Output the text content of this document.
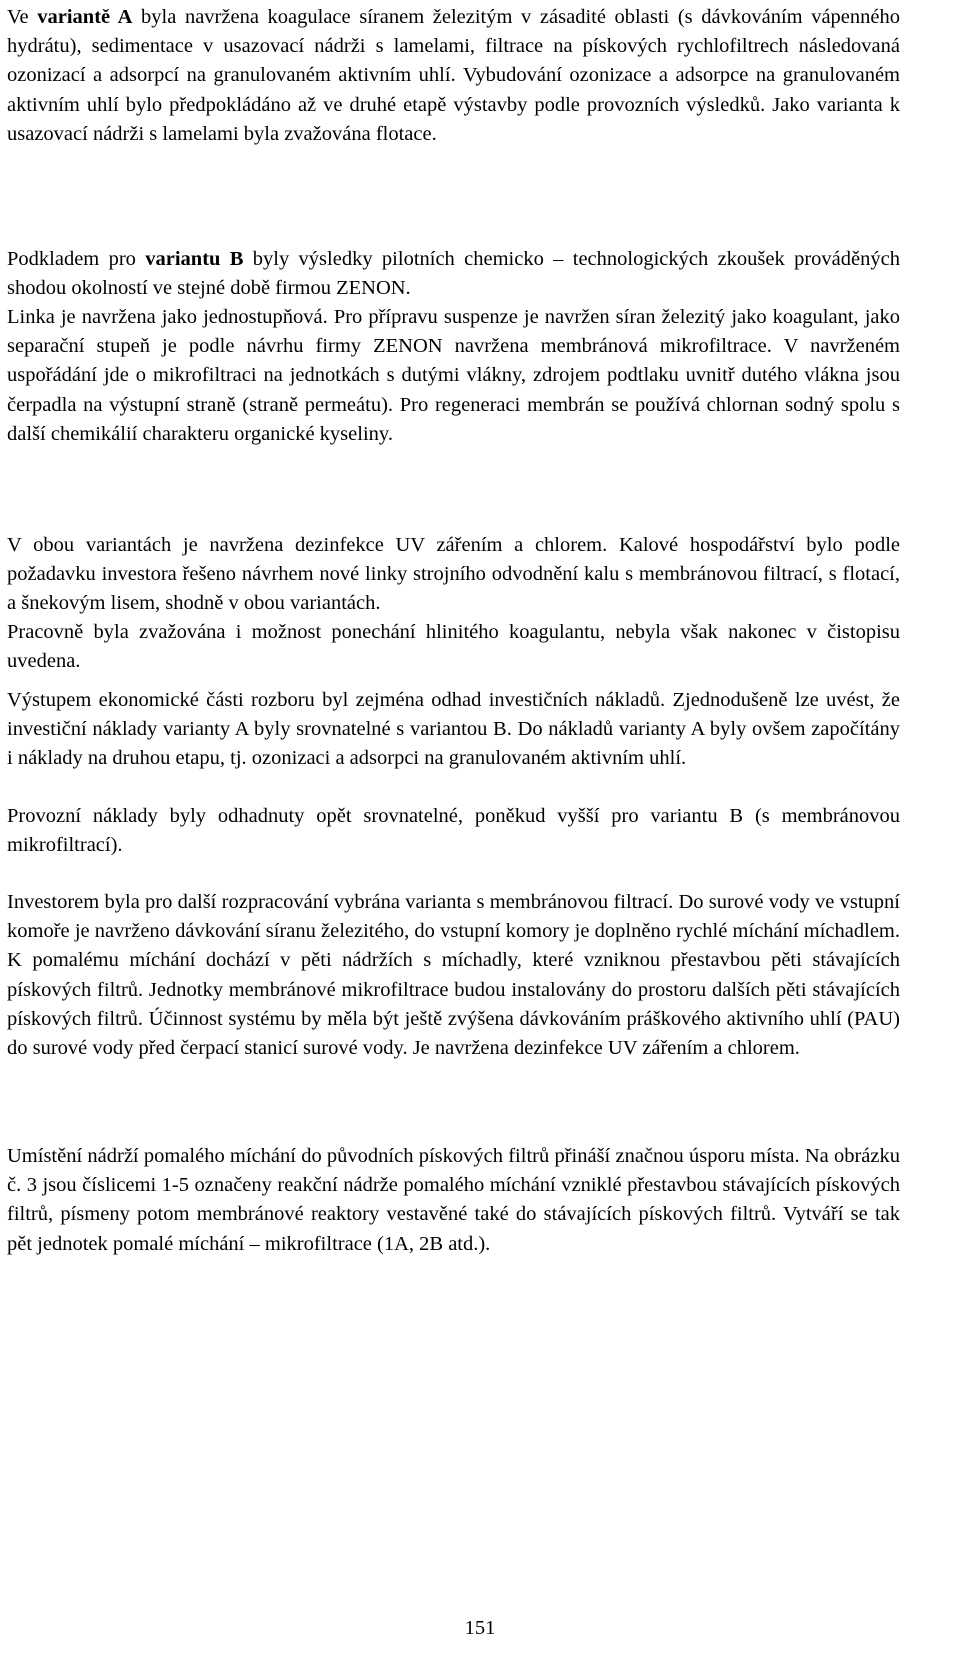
Ve variantě A byla navržena koagulace síranem železitým v zásadité oblasti (s dávkováním vápenného hydrátu), sedimentace v usazovací nádrži s lamelami, filtrace na pískových rychlofiltrech následovaná ozonizací a adsorpcí na granulovaném aktivním uhlí. Vybudování ozonizace a adsorpce na granulovaném aktivním uhlí bylo předpokládáno až ve druhé etapě výstavby podle provozních výsledků. Jako varianta k usazovací nádrži s lamelami byla zvažována flotace.

Podkladem pro variantu B byly výsledky pilotních chemicko – technologických zkoušek prováděných shodou okolností ve stejné době firmou ZENON.

Linka je navržena jako jednostupňová. Pro přípravu suspenze je navržen síran železitý jako koagulant, jako separační stupeň je podle návrhu firmy ZENON navržena membránová mikrofiltrace. V navrženém uspořádání jde o mikrofiltraci na jednotkách s dutými vlákny, zdrojem podtlaku uvnitř dutého vlákna jsou čerpadla na výstupní straně (straně permeátu). Pro regeneraci membrán se používá chlornan sodný spolu s další chemikálií charakteru organické kyseliny.

V obou variantách je navržena dezinfekce UV zářením a chlorem. Kalové hospodářství bylo podle požadavku investora řešeno návrhem nové linky strojního odvodnění kalu s membránovou filtrací, s flotací, a šnekovým lisem, shodně v obou variantách.

Pracovně byla zvažována i možnost ponechání hlinitého koagulantu, nebyla však nakonec v čistopisu uvedena.

Výstupem ekonomické části rozboru byl zejména odhad investičních nákladů. Zjednodušeně lze uvést, že investiční náklady varianty A byly srovnatelné s variantou B. Do nákladů varianty A byly ovšem započítány i náklady na druhou etapu, tj. ozonizaci a adsorpci na granulovaném aktivním uhlí.

Provozní náklady byly odhadnuty opět srovnatelné, poněkud vyšší pro variantu B (s membránovou mikrofiltrací).

Investorem byla pro další rozpracování vybrána varianta s membránovou filtrací. Do surové vody ve vstupní komoře je navrženo dávkování síranu železitého, do vstupní komory je doplněno rychlé míchání míchadlem. K pomalému míchání dochází v pěti nádržích s míchadly, které vzniknou přestavbou pěti stávajících pískových filtrů. Jednotky membránové mikrofiltrace budou instalovány do prostoru dalších pěti stávajících pískových filtrů. Účinnost systému by měla být ještě zvýšena dávkováním práškového aktivního uhlí (PAU) do surové vody před čerpací stanicí surové vody. Je navržena dezinfekce UV zářením a chlorem.

Umístění nádrží pomalého míchání do původních pískových filtrů přináší značnou úsporu místa. Na obrázku č. 3 jsou číslicemi 1-5 označeny reakční nádrže pomalého míchání vzniklé přestavbou stávajících pískových filtrů, písmeny potom membránové reaktory vestavěné také do stávajících pískových filtrů. Vytváří se tak pět jednotek pomalé míchání – mikrofiltrace (1A, 2B atd.).

151
